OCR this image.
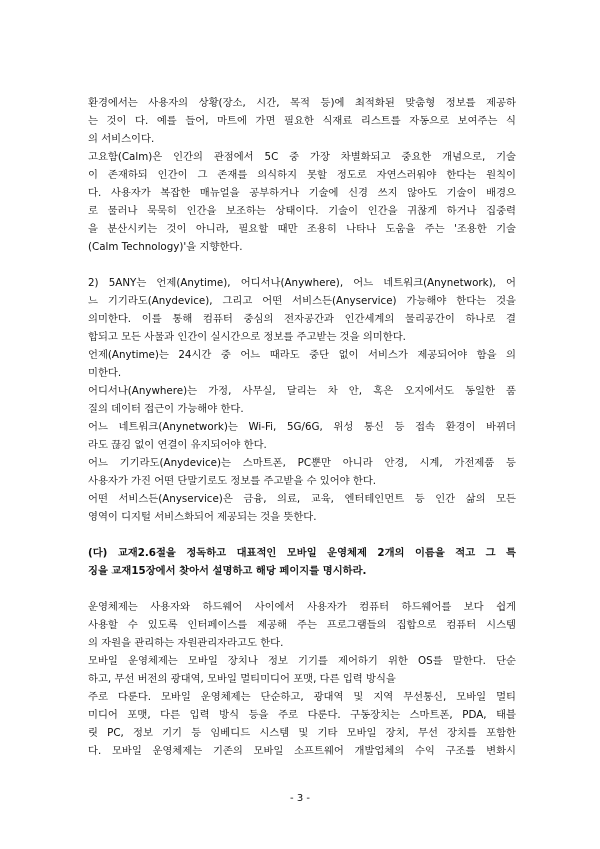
환경에서는 사용자의 상황(장소, 시간, 목적 등)에 최적화된 맞춤형 정보를 제공하
는 것이 다. 예를 들어, 마트에 가면 필요한 식재료 리스트를 자동으로 보여주는 식
의 서비스이다.
고요함(Calm)은 인간의 관점에서 5C 중 가장 차별화되고 중요한 개념으로, 기술
이 존재하되 인간이 그 존재를 의식하지 못할 정도로 자연스러워야 한다는 원칙이
다. 사용자가 복잡한 매뉴얼을 공부하거나 기술에 신경 쓰지 않아도 기술이 배경으
로 물러나 묵묵히 인간을 보조하는 상태이다. 기술이 인간을 귀찮게 하거나 집중력
을 분산시키는 것이 아니라, 필요할 때만 조용히 나타나 도움을 주는 '조용한 기술
(Calm Technology)'을 지향한다.
2) 5ANY는 언제(Anytime), 어디서나(Anywhere), 어느 네트워크(Anynetwork), 어
느 기기라도(Anydevice), 그리고 어떤 서비스든(Anyservice) 가능해야 한다는 것을
의미한다. 이를 통해 컴퓨터 중심의 전자공간과 인간세계의 물리공간이 하나로 결
합되고 모든 사물과 인간이 실시간으로 정보를 주고받는 것을 의미한다.
언제(Anytime)는 24시간 중 어느 때라도 중단 없이 서비스가 제공되어야 함을 의
미한다.
어디서나(Anywhere)는 가정, 사무실, 달리는 차 안, 혹은 오지에서도 동일한 품
질의 데이터 접근이 가능해야 한다.
어느 네트워크(Anynetwork)는 Wi-Fi, 5G/6G, 위성 통신 등 접속 환경이 바뀌더
라도 끊김 없이 연결이 유지되어야 한다.
어느 기기라도(Anydevice)는 스마트폰, PC뿐만 아니라 안경, 시계, 가전제품 등
사용자가 가진 어떤 단말기로도 정보를 주고받을 수 있어야 한다.
어떤 서비스든(Anyservice)은 금융, 의료, 교육, 엔터테인먼트 등 인간 삶의 모든
영역이 디지털 서비스화되어 제공되는 것을 뜻한다.
(다) 교재2.6절을 정독하고 대표적인 모바일 운영체제 2개의 이름을 적고 그 특
징을 교재15장에서 찾아서 설명하고 해당 페이지를 명시하라.
운영체제는 사용자와 하드웨어 사이에서 사용자가 컴퓨터 하드웨어를 보다 쉽게
사용할 수 있도록 인터페이스를 제공해 주는 프로그램들의 집합으로 컴퓨터 시스템
의 자원을 관리하는 자원관리자라고도 한다.
모바일 운영체제는 모바일 장치나 정보 기기를 제어하기 위한 OS를 말한다. 단순
하고, 무선 버전의 광대역, 모바일 멀티미디어 포맷, 다른 입력 방식을
주로 다룬다. 모바일 운영체제는 단순하고, 광대역 및 지역 무선통신, 모바일 멀티
미디어 포맷, 다른 입력 방식 등을 주로 다룬다. 구동장치는 스마트폰, PDA, 태블
릿 PC, 정보 기기 등 임베디드 시스템 및 기타 모바일 장치, 무선 장치를 포함한
다. 모바일 운영체제는 기존의 모바일 소프트웨어 개발업체의 수익 구조를 변화시
- 3 -
